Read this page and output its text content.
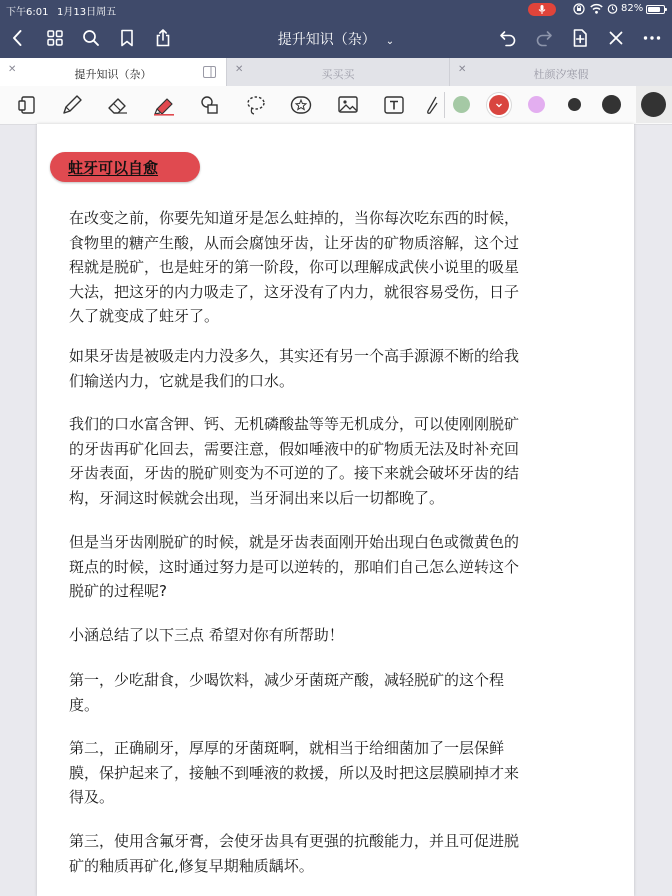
下午6:01 1月13日周五	82%
提升知识（杂） ⌄
✕	提升知识（杂）	✕	买买买	✕	杜颜汐寒假
蛀牙可以自愈

在改变之前，你要先知道牙是怎么蛀掉的，当你每次吃东西的时候，
食物里的糖产生酸，从而会腐蚀牙齿，让牙齿的矿物质溶解，这个过
程就是脱矿，也是蛀牙的第一阶段，你可以理解成武侠小说里的吸星
大法，把这牙的内力吸走了，这牙没有了内力，就很容易受伤，日子
久了就变成了蛀牙了。

如果牙齿是被吸走内力没多久，其实还有另一个高手源源不断的给我
们输送内力，它就是我们的口水。

我们的口水富含钾、钙、无机磷酸盐等等无机成分，可以使刚刚脱矿
的牙齿再矿化回去，需要注意，假如唾液中的矿物质无法及时补充回
牙齿表面，牙齿的脱矿则变为不可逆的了。接下来就会破坏牙齿的结
构，牙洞这时候就会出现，当牙洞出来以后一切都晚了。

但是当牙齿刚脱矿的时候，就是牙齿表面刚开始出现白色或微黄色的
斑点的时候，这时通过努力是可以逆转的，那咱们自己怎么逆转这个
脱矿的过程呢?

小涵总结了以下三点 希望对你有所帮助！

第一，少吃甜食，少喝饮料，减少牙菌斑产酸，减轻脱矿的这个程
度。

第二，正确刷牙，厚厚的牙菌斑啊，就相当于给细菌加了一层保鲜
膜，保护起来了，接触不到唾液的救援，所以及时把这层膜刷掉才来
得及。

第三，使用含氟牙膏，会使牙齿具有更强的抗酸能力，并且可促进脱
矿的釉质再矿化,修复早期釉质龋坏。
